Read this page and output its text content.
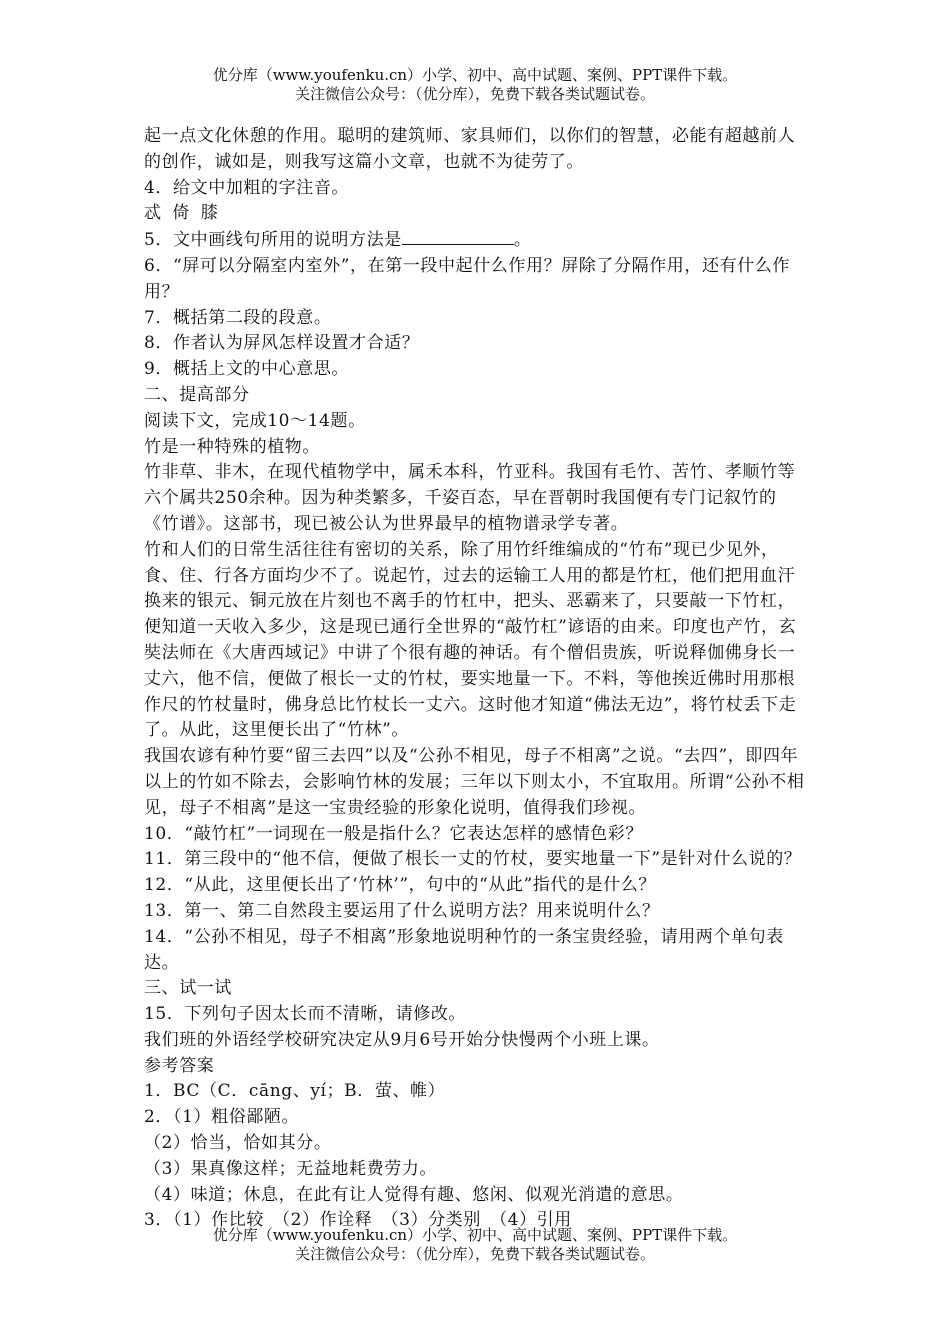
优分库（www.youfenku.cn）小学、初中、高中试题、案例、PPT课件下载。
关注微信公众号：（优分库），免费下载各类试题试卷。

起一点文化休憩的作用。聪明的建筑师、家具师们，以你们的智慧，必能有超越前人的创作，诚如是，则我写这篇小文章，也就不为徒劳了。

4．给文中加粗的字注音。

忒 倚 膝

5．文中画线句所用的说明方法是	。

6．“屏可以分隔室内室外”，在第一段中起什么作用？屏除了分隔作用，还有什么作用？

7．概括第二段的段意。

8．作者认为屏风怎样设置才合适？

9．概括上文的中心意思。

二、提高部分

阅读下文，完成10～14题。

竹是一种特殊的植物。

竹非草、非木，在现代植物学中，属禾本科，竹亚科。我国有毛竹、苦竹、孝顺竹等六个属共250余种。因为种类繁多，千姿百态，早在晋朝时我国便有专门记叙竹的《竹谱》。这部书，现已被公认为世界最早的植物谱录学专著。

竹和人们的日常生活往往有密切的关系，除了用竹纤维编成的“竹布”现已少见外，食、住、行各方面均少不了。说起竹，过去的运输工人用的都是竹杠，他们把用血汗换来的银元、铜元放在片刻也不离手的竹杠中，把头、恶霸来了，只要敲一下竹杠，便知道一天收入多少，这是现已通行全世界的“敲竹杠”谚语的由来。印度也产竹，玄奘法师在《大唐西域记》中讲了个很有趣的神话。有个僧侣贵族，听说释伽佛身长一丈六，他不信，便做了根长一丈的竹杖，要实地量一下。不料，等他挨近佛时用那根作尺的竹杖量时，佛身总比竹杖长一丈六。这时他才知道“佛法无边”，将竹杖丢下走了。从此，这里便长出了“竹林”。

我国农谚有种竹要“留三去四”以及“公孙不相见，母子不相离”之说。“去四”，即四年以上的竹如不除去，会影响竹林的发展；三年以下则太小，不宜取用。所谓“公孙不相见，母子不相离”是这一宝贵经验的形象化说明，值得我们珍视。

10．“敲竹杠”一词现在一般是指什么？它表达怎样的感情色彩？

11．第三段中的“他不信，便做了根长一丈的竹杖，要实地量一下”是针对什么说的？

12．“从此，这里便长出了‘竹林’”，句中的“从此”指代的是什么？

13．第一、第二自然段主要运用了什么说明方法？用来说明什么？

14．“公孙不相见，母子不相离”形象地说明种竹的一条宝贵经验，请用两个单句表达。

三、试一试

15．下列句子因太长而不清晰，请修改。

我们班的外语经学校研究决定从9月6号开始分快慢两个小班上课。

参考答案

1．BC（C．cāng、yí；B．萤、帷）

2．（1）粗俗鄙陋。

（2）恰当，恰如其分。

（3）果真像这样；无益地耗费劳力。

（4）味道；休息，在此有让人觉得有趣、悠闲、似观光消遣的意思。

3．（1）作比较　（2）作诠释　（3）分类别　（4）引用

优分库（www.youfenku.cn）小学、初中、高中试题、案例、PPT课件下载。
关注微信公众号：（优分库），免费下载各类试题试卷。
